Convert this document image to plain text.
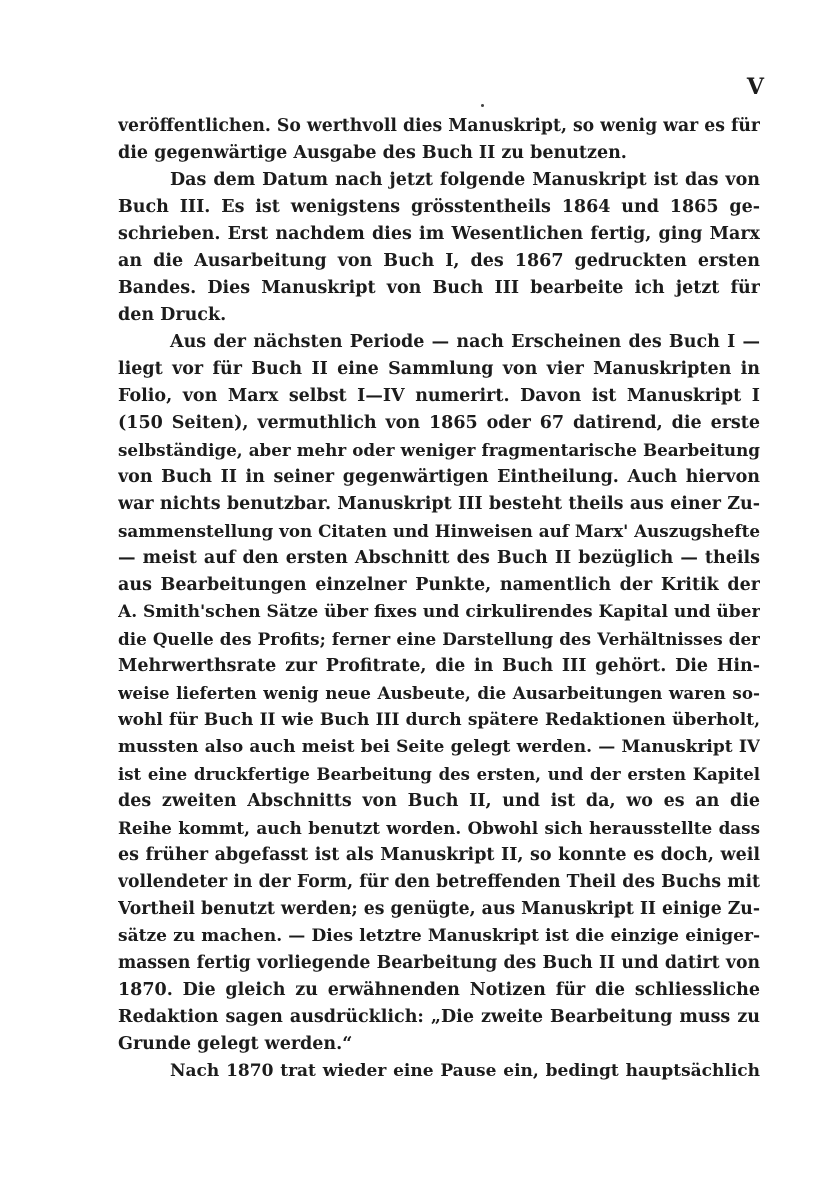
V
veröffentlichen. So werthvoll dies Manuskript, so wenig war es für
die gegenwärtige Ausgabe des Buch II zu benutzen.
Das dem Datum nach jetzt folgende Manuskript ist das von
Buch III. Es ist wenigstens grösstentheils 1864 und 1865 ge-
schrieben. Erst nachdem dies im Wesentlichen fertig, ging Marx
an die Ausarbeitung von Buch I, des 1867 gedruckten ersten
Bandes. Dies Manuskript von Buch III bearbeite ich jetzt für
den Druck.
Aus der nächsten Periode — nach Erscheinen des Buch I —
liegt vor für Buch II eine Sammlung von vier Manuskripten in
Folio, von Marx selbst I—IV numerirt. Davon ist Manuskript I
(150 Seiten), vermuthlich von 1865 oder 67 datirend, die erste
selbständige, aber mehr oder weniger fragmentarische Bearbeitung
von Buch II in seiner gegenwärtigen Eintheilung. Auch hiervon
war nichts benutzbar. Manuskript III besteht theils aus einer Zu-
sammenstellung von Citaten und Hinweisen auf Marx' Auszugshefte
— meist auf den ersten Abschnitt des Buch II bezüglich — theils
aus Bearbeitungen einzelner Punkte, namentlich der Kritik der
A. Smith'schen Sätze über fixes und cirkulirendes Kapital und über
die Quelle des Profits; ferner eine Darstellung des Verhältnisses der
Mehrwerthsrate zur Profitrate, die in Buch III gehört. Die Hin-
weise lieferten wenig neue Ausbeute, die Ausarbeitungen waren so-
wohl für Buch II wie Buch III durch spätere Redaktionen überholt,
mussten also auch meist bei Seite gelegt werden. — Manuskript IV
ist eine druckfertige Bearbeitung des ersten, und der ersten Kapitel
des zweiten Abschnitts von Buch II, und ist da, wo es an die
Reihe kommt, auch benutzt worden. Obwohl sich herausstellte dass
es früher abgefasst ist als Manuskript II, so konnte es doch, weil
vollendeter in der Form, für den betreffenden Theil des Buchs mit
Vortheil benutzt werden; es genügte, aus Manuskript II einige Zu-
sätze zu machen. — Dies letztre Manuskript ist die einzige einiger-
massen fertig vorliegende Bearbeitung des Buch II und datirt von
1870. Die gleich zu erwähnenden Notizen für die schliessliche
Redaktion sagen ausdrücklich: „Die zweite Bearbeitung muss zu
Grunde gelegt werden.“
Nach 1870 trat wieder eine Pause ein, bedingt hauptsächlich
